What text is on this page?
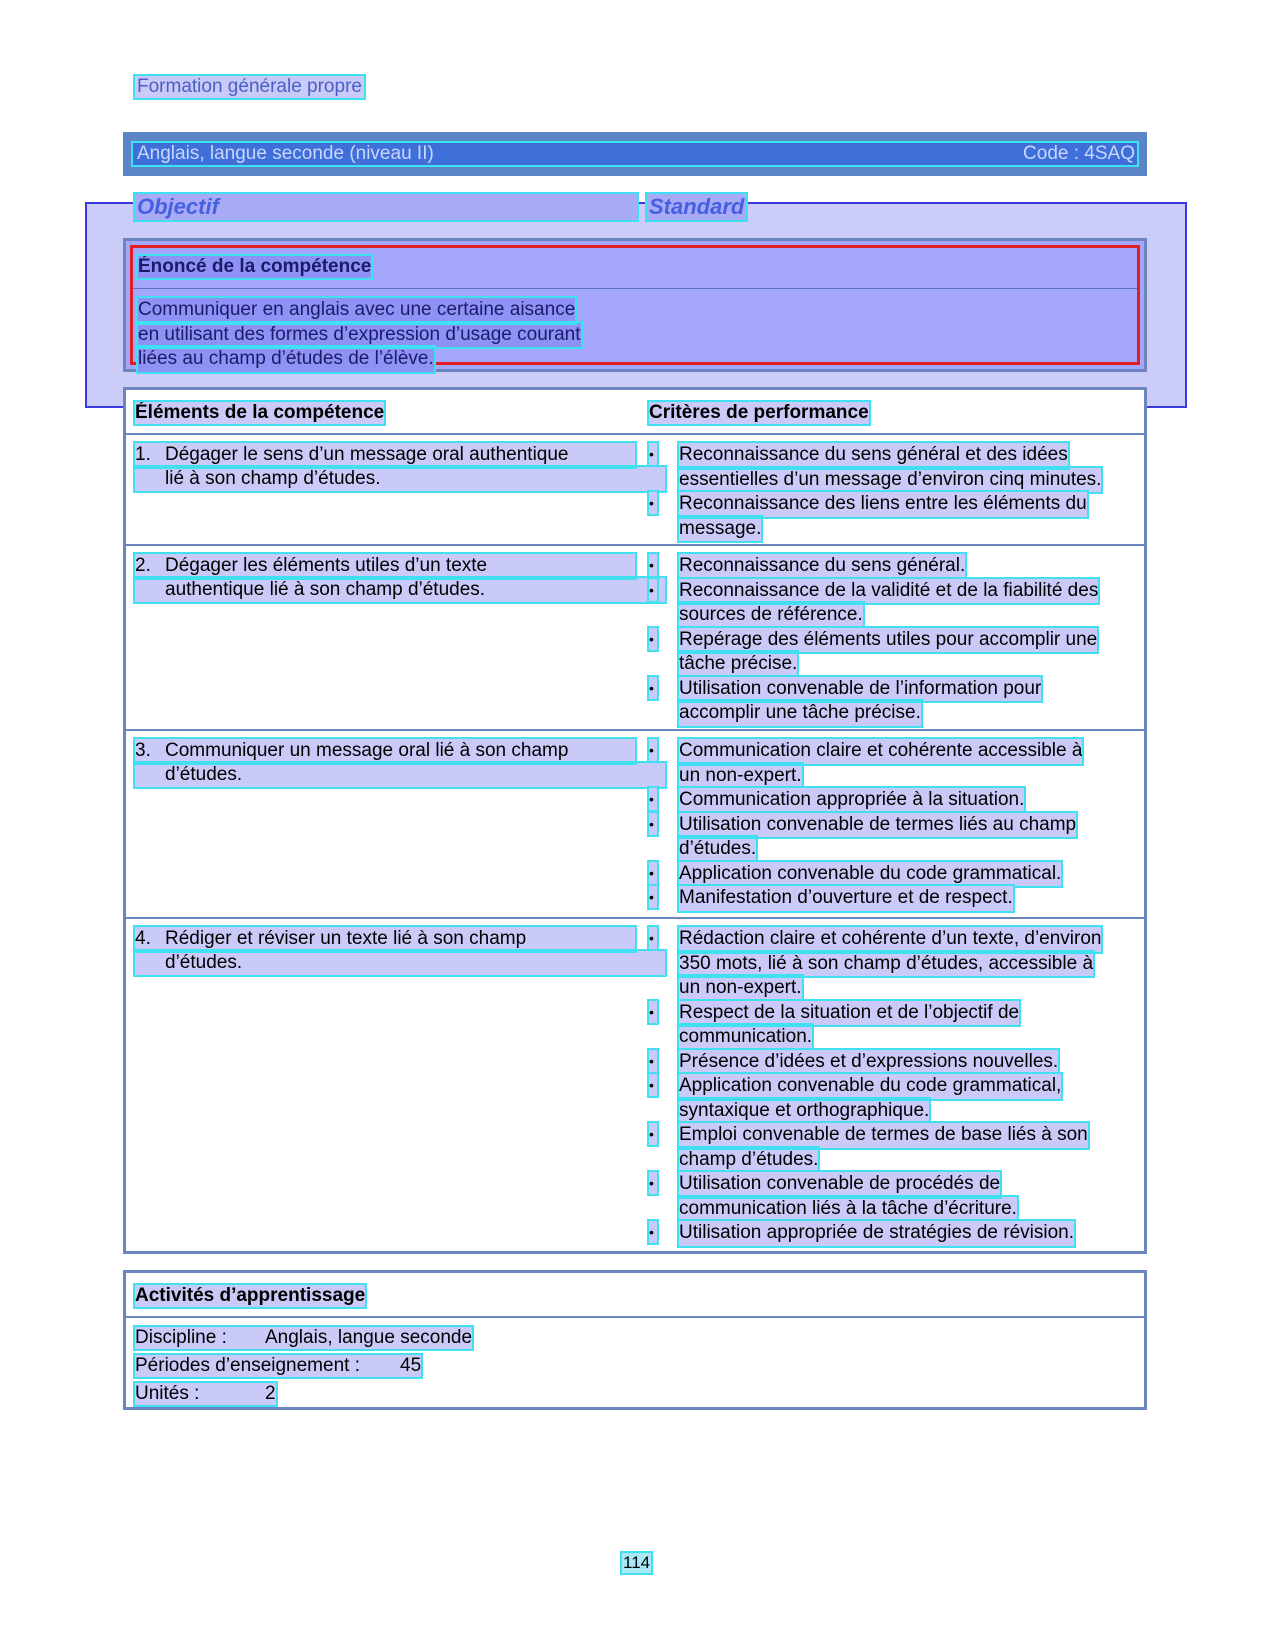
Formation générale propre
Anglais, langue seconde (niveau II)	Code : 4SAQ
Objectif	Standard
Énoncé de la compétence
Communiquer en anglais avec une certaine aisance
en utilisant des formes d’expression d’usage courant
liées au champ d’études de l’élève.
Éléments de la compétence	Critères de performance
1. Dégager le sens d’un message oral authentique
lié à son champ d’études.
• Reconnaissance du sens général et des idées
essentielles d’un message d’environ cinq minutes.
• Reconnaissance des liens entre les éléments du
message.
2. Dégager les éléments utiles d’un texte
authentique lié à son champ d’études.
• Reconnaissance du sens général.
• Reconnaissance de la validité et de la fiabilité des
sources de référence.
• Repérage des éléments utiles pour accomplir une
tâche précise.
• Utilisation convenable de l’information pour
accomplir une tâche précise.
3. Communiquer un message oral lié à son champ
d’études.
• Communication claire et cohérente accessible à
un non-expert.
• Communication appropriée à la situation.
• Utilisation convenable de termes liés au champ
d’études.
• Application convenable du code grammatical.
• Manifestation d’ouverture et de respect.
4. Rédiger et réviser un texte lié à son champ
d’études.
• Rédaction claire et cohérente d’un texte, d’environ
350 mots, lié à son champ d’études, accessible à
un non-expert.
• Respect de la situation et de l’objectif de
communication.
• Présence d’idées et d’expressions nouvelles.
• Application convenable du code grammatical,
syntaxique et orthographique.
• Emploi convenable de termes de base liés à son
champ d’études.
• Utilisation convenable de procédés de
communication liés à la tâche d’écriture.
• Utilisation appropriée de stratégies de révision.
Activités d’apprentissage
Discipline : Anglais, langue seconde
Périodes d’enseignement : 45
Unités :	2
114
